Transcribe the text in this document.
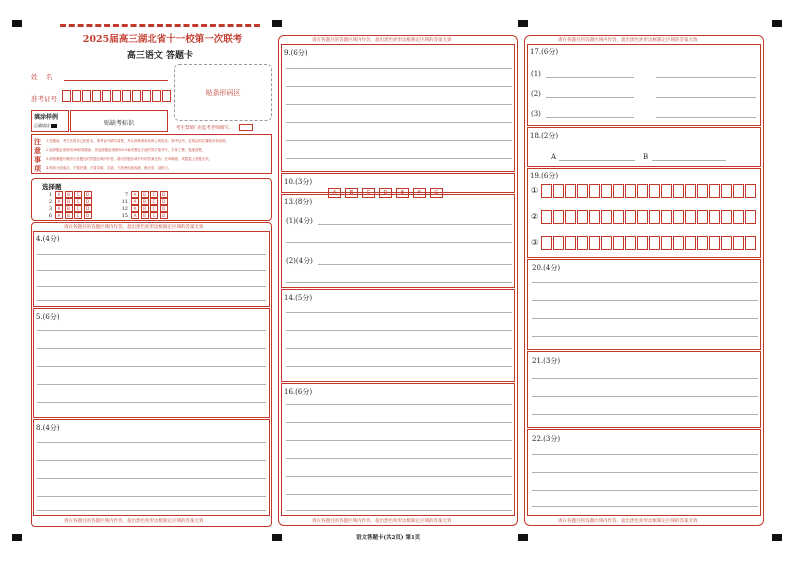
2025届高三湖北省十一校第一次联考
高三语文 答题卡
姓    名
准考证号
贴条形码区
填涂样例
正确填涂	贴缺考标识
考生禁填! 由监考老师填写。
注意事项
1.答题前，考生先将自己的姓名、准考证号填写清楚，并认真核准条形码上的姓名、准考证号，在规定的位置贴好条形码。
2.选择题必须使用2B铅笔填涂；非选择题必须使用0.5毫米黑色字迹的签字笔书写，字体工整、笔迹清楚。
3.请按照题号顺序在各题目的答题区域内作答，超出答题区域书写的答案无效；在草稿纸、试题卷上答题无效。
4.保持卡面清洁，不要折叠、不要弄破、弄皱，不准使用涂改液、修正带、刮纸刀。
选择题
1 A B C D
2 A B C D
3 A B C D
6 A B C D
7 A B C D
11 A B C D
12 A B C D
15 A B C D
请在各题目的答题区域内作答，超出黑色矩形边框限定区域的答案无效
请在各题目的答题区域内作答，超出黑色矩形边框限定区域的答案无效
4.(4分)
5.(6分)
8.(4分)
请在各题目的答题区域内作答，超出黑色矩形边框限定区域的答案无效
请在各题目的答题区域内作答，超出黑色矩形边框限定区域的答案无效
9.(6分)
10.(3分)
A B C D E F G
13.(8分)
(1)(4分)
(2)(4分)
14.(5分)
16.(6分)
请在各题目的答题区域内作答，超出黑色矩形边框限定区域的答案无效
请在各题目的答题区域内作答，超出黑色矩形边框限定区域的答案无效
17.(6分)
(1)
(2)
(3)
18.(2分)
A	B
19.(6分)
①
②
③
20.(4分)
21.(3分)
22.(3分)
语文答题卡(共2页) 第1页
